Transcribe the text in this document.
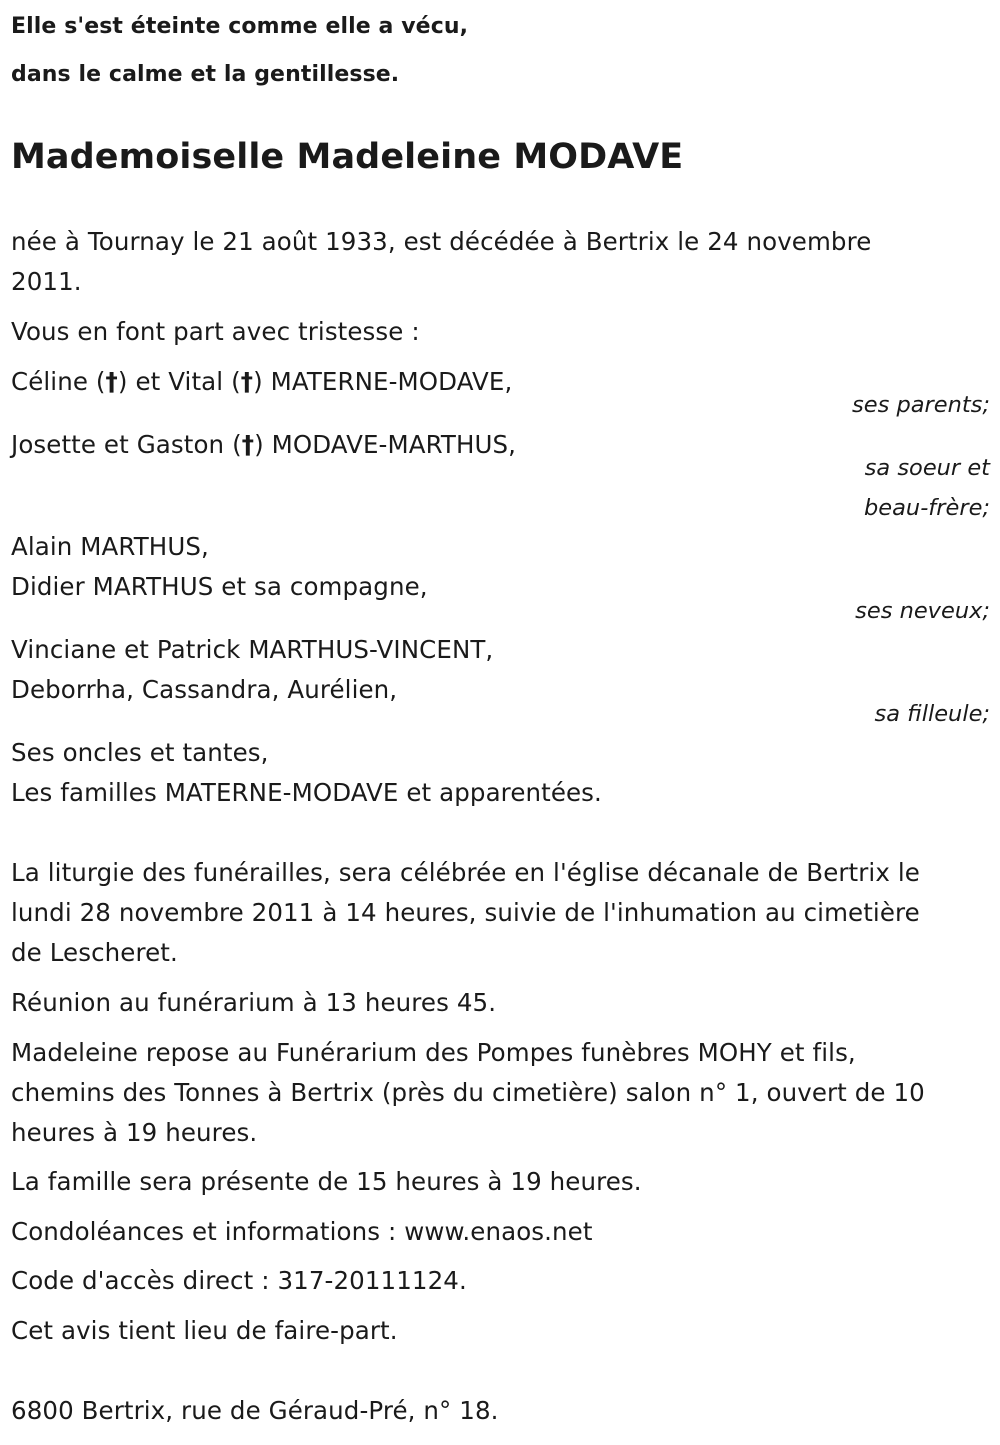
Elle s'est éteinte comme elle a vécu,
dans le calme et la gentillesse.
Mademoiselle Madeleine MODAVE
née à Tournay le 21 août 1933, est décédée à Bertrix le 24 novembre
2011.
Vous en font part avec tristesse :
Céline (†) et Vital (†) MATERNE-MODAVE,
ses parents;
Josette et Gaston (†) MODAVE-MARTHUS,
sa soeur et
beau-frère;
Alain MARTHUS,
Didier MARTHUS et sa compagne,
ses neveux;
Vinciane et Patrick MARTHUS-VINCENT,
Deborrha, Cassandra, Aurélien,
sa filleule;
Ses oncles et tantes,
Les familles MATERNE-MODAVE et apparentées.
La liturgie des funérailles, sera célébrée en l'église décanale de Bertrix le
lundi 28 novembre 2011 à 14 heures, suivie de l'inhumation au cimetière
de Lescheret.
Réunion au funérarium à 13 heures 45.
Madeleine repose au Funérarium des Pompes funèbres MOHY et fils,
chemins des Tonnes à Bertrix (près du cimetière) salon n° 1, ouvert de 10
heures à 19 heures.
La famille sera présente de 15 heures à 19 heures.
Condoléances et informations : www.enaos.net
Code d'accès direct : 317-20111124.
Cet avis tient lieu de faire-part.
6800 Bertrix, rue de Géraud-Pré, n° 18.
